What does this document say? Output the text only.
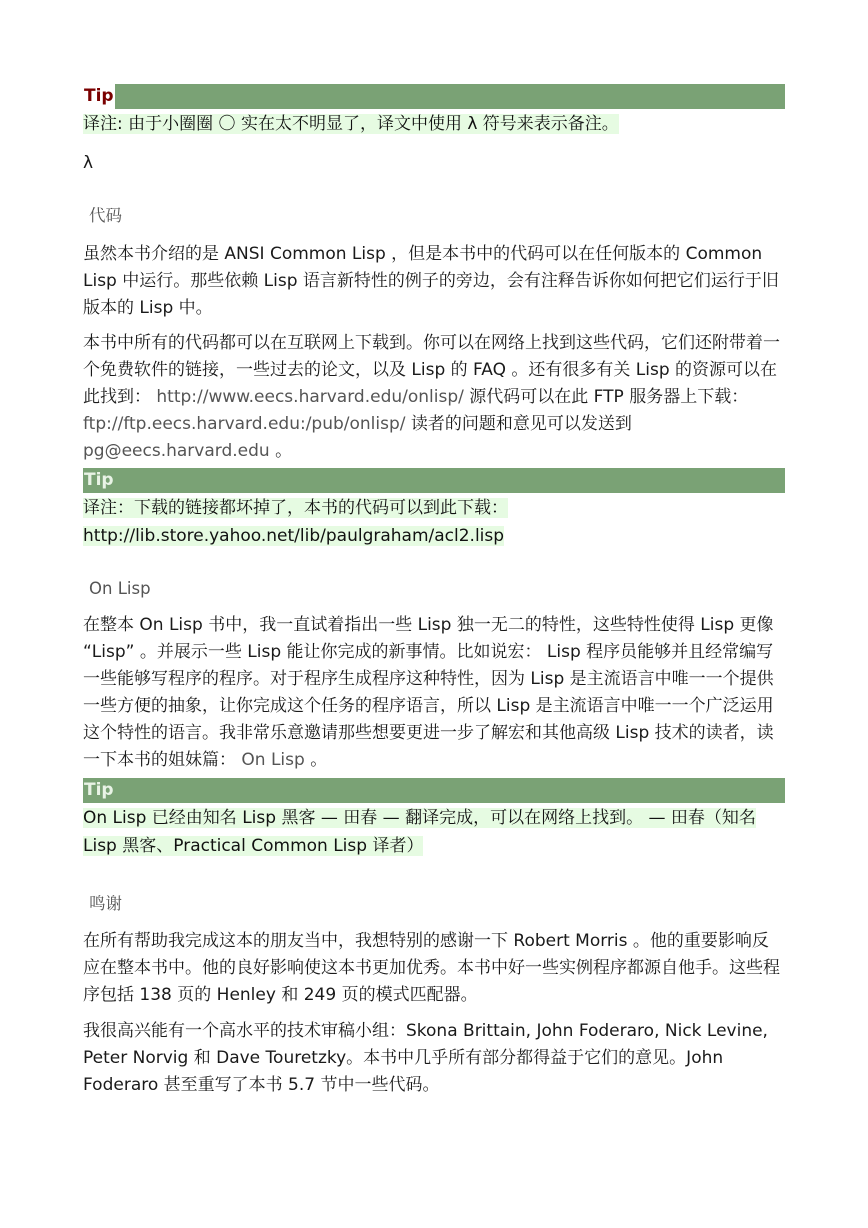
Tip

译注: 由于小圈圈 〇 实在太不明显了，译文中使用 λ 符号来表示备注。

λ
代码

虽然本书介绍的是 ANSI Common Lisp ，但是本书中的代码可以在任何版本的 Common Lisp 中运行。那些依赖 Lisp 语言新特性的例子的旁边，会有注释告诉你如何把它们运行于旧版本的 Lisp 中。

本书中所有的代码都可以在互联网上下载到。你可以在网络上找到这些代码，它们还附带着一个免费软件的链接，一些过去的论文，以及 Lisp 的 FAQ 。还有很多有关 Lisp 的资源可以在此找到： http://www.eecs.harvard.edu/onlisp/ 源代码可以在此 FTP 服务器上下载： ftp://ftp.eecs.harvard.edu:/pub/onlisp/ 读者的问题和意见可以发送到 pg@eecs.harvard.edu 。

Tip

译注：下载的链接都坏掉了，本书的代码可以到此下载：
http://lib.store.yahoo.net/lib/paulgraham/acl2.lisp

On Lisp

在整本 On Lisp 书中，我一直试着指出一些 Lisp 独一无二的特性，这些特性使得 Lisp 更像 “Lisp” 。并展示一些 Lisp 能让你完成的新事情。比如说宏： Lisp 程序员能够并且经常编写一些能够写程序的程序。对于程序生成程序这种特性，因为 Lisp 是主流语言中唯一一个提供一些方便的抽象，让你完成这个任务的程序语言，所以 Lisp 是主流语言中唯一一个广泛运用这个特性的语言。我非常乐意邀请那些想要更进一步了解宏和其他高级 Lisp 技术的读者，读一下本书的姐妹篇： On Lisp 。

Tip

On Lisp 已经由知名 Lisp 黑客 — 田春 — 翻译完成，可以在网络上找到。 — 田春（知名
Lisp 黑客、Practical Common Lisp 译者）

鸣谢

在所有帮助我完成这本的朋友当中，我想特别的感谢一下 Robert Morris 。他的重要影响反应在整本书中。他的良好影响使这本书更加优秀。本书中好一些实例程序都源自他手。这些程序包括 138 页的 Henley 和 249 页的模式匹配器。

我很高兴能有一个高水平的技术审稿小组：Skona Brittain, John Foderaro, Nick Levine, Peter Norvig 和 Dave Touretzky。本书中几乎所有部分都得益于它们的意见。John Foderaro 甚至重写了本书 5.7 节中一些代码。
